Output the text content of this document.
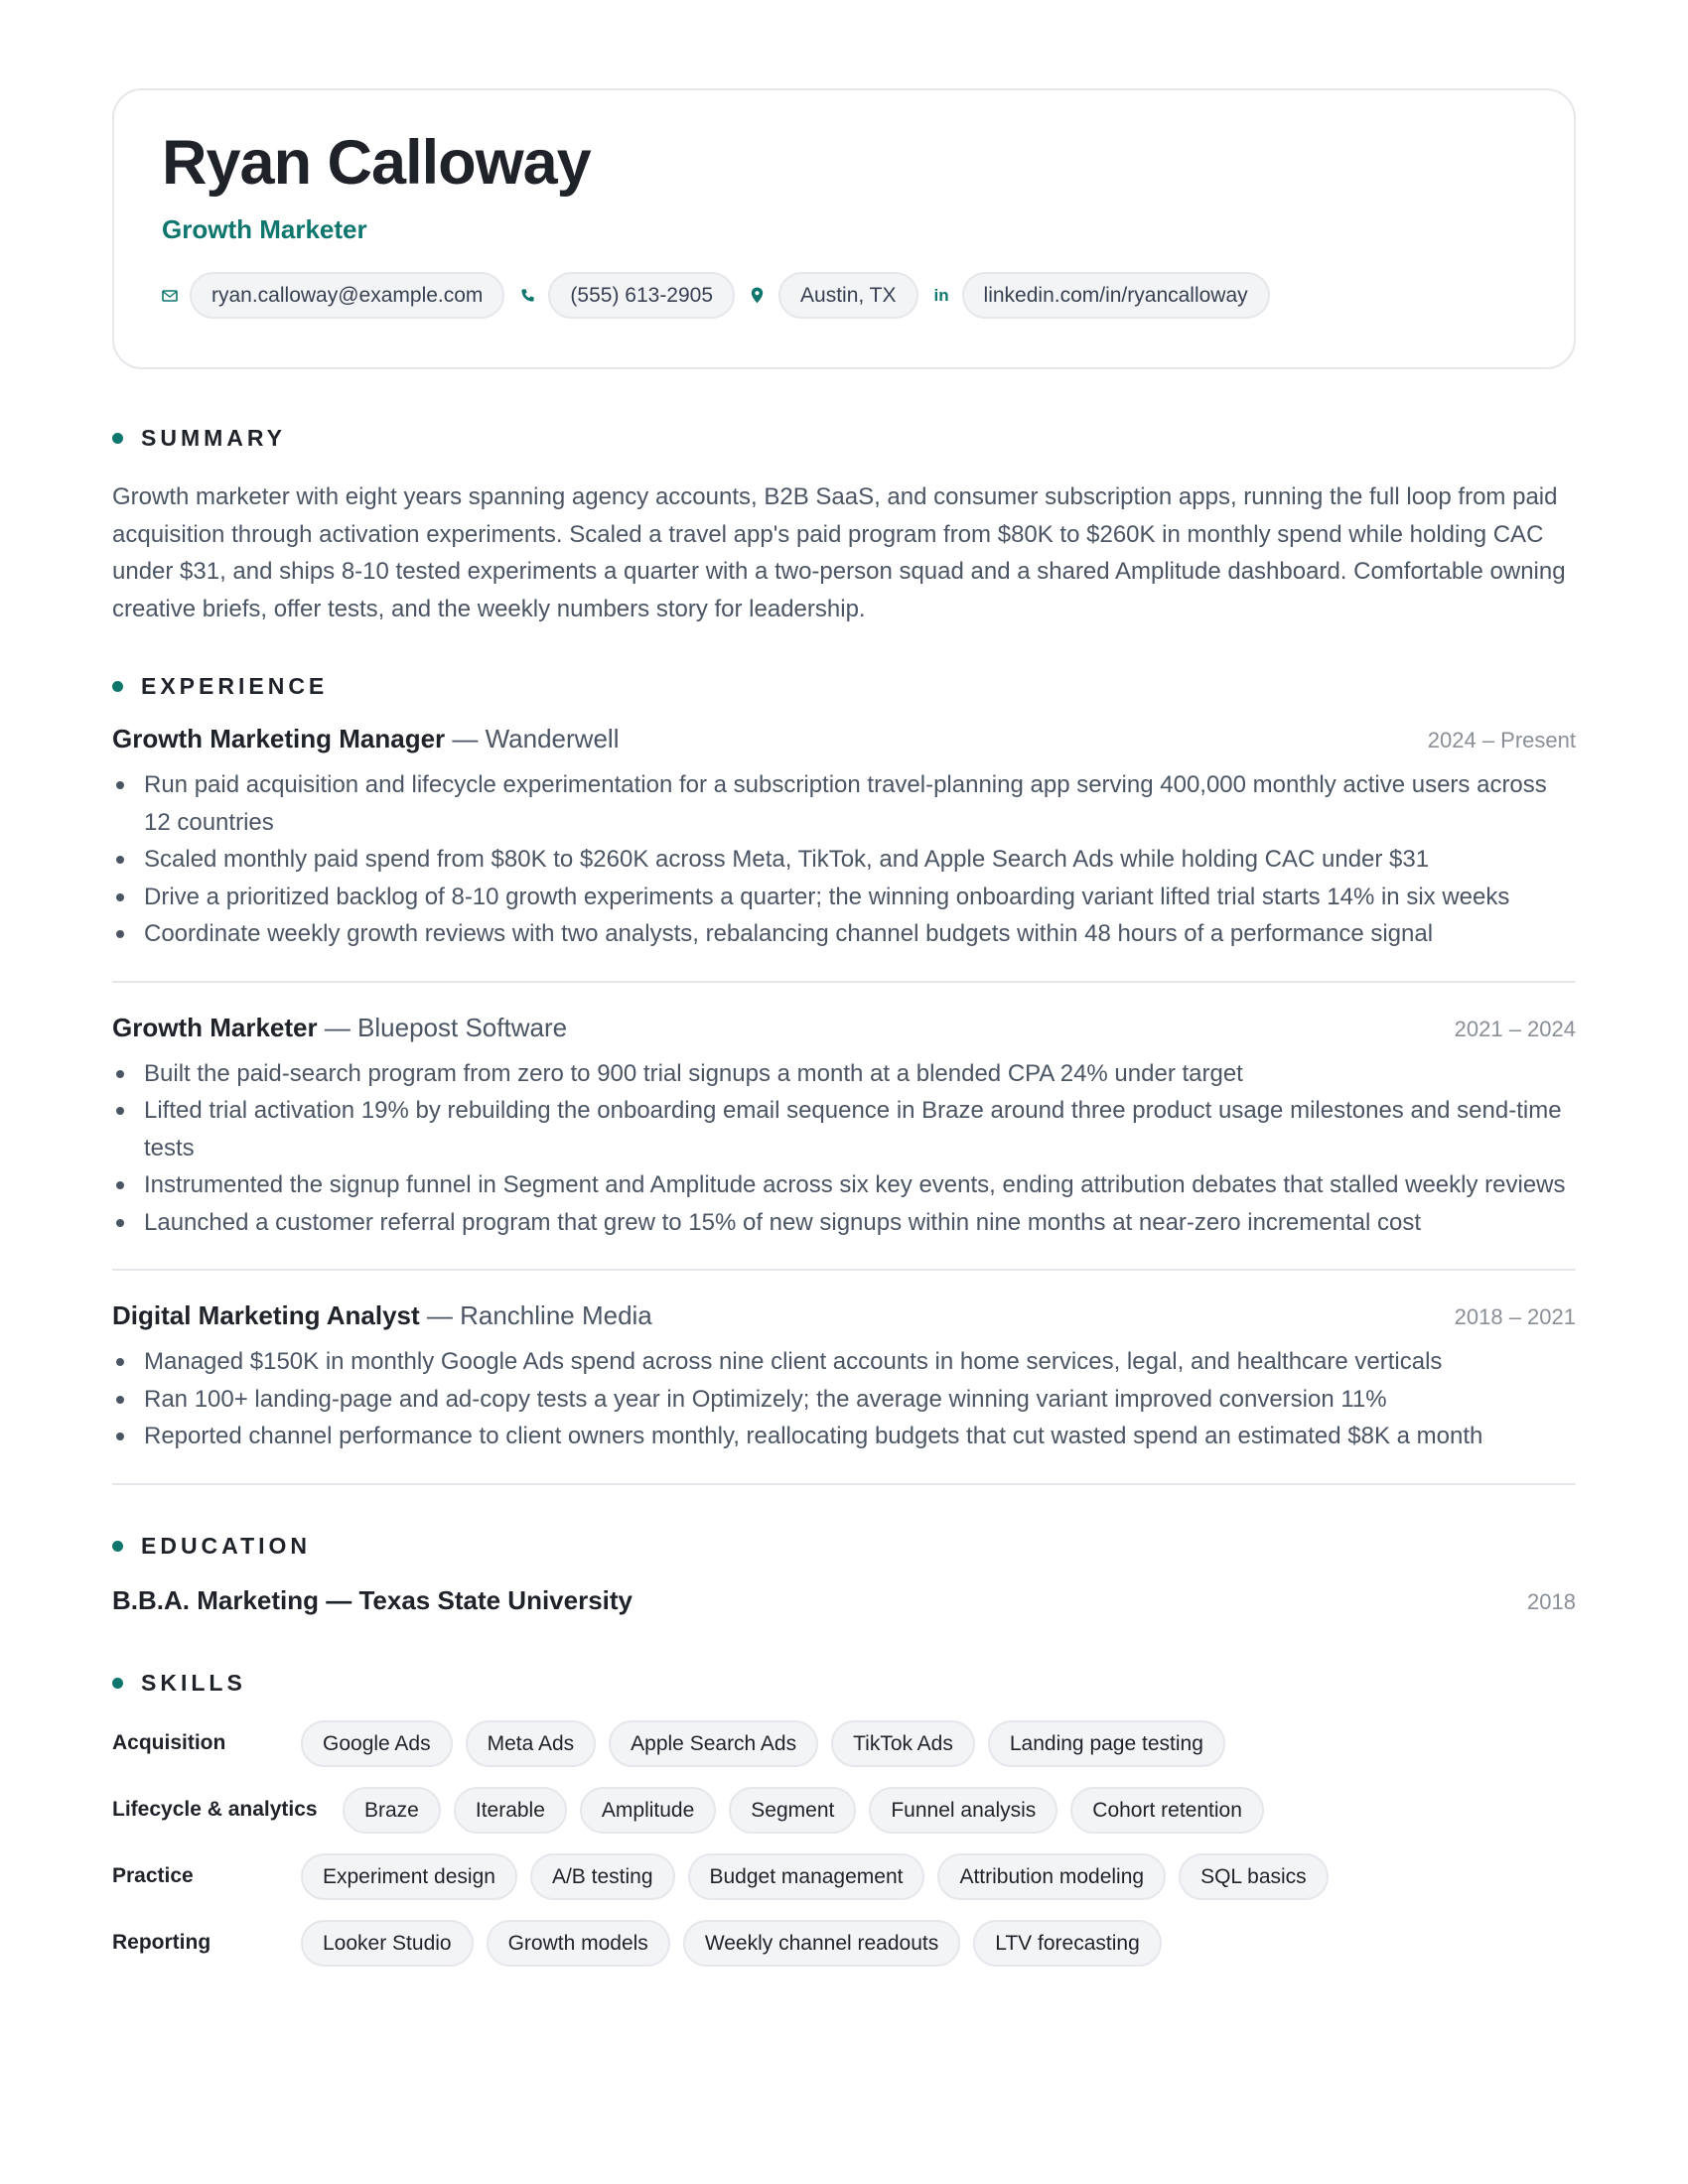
Ryan Calloway
Growth Marketer
ryan.calloway@example.com	(555) 613-2905	Austin, TX	in	linkedin.com/in/ryancalloway
SUMMARY

Growth marketer with eight years spanning agency accounts, B2B SaaS, and consumer subscription apps, running the full loop from paid acquisition through activation experiments. Scaled a travel app's paid program from $80K to $260K in monthly spend while holding CAC under $31, and ships 8-10 tested experiments a quarter with a two-person squad and a shared Amplitude dashboard. Comfortable owning creative briefs, offer tests, and the weekly numbers story for leadership.

EXPERIENCE
Growth Marketing Manager — Wanderwell	2024 – Present
Run paid acquisition and lifecycle experimentation for a subscription travel-planning app serving 400,000 monthly active users across 12 countries
Scaled monthly paid spend from $80K to $260K across Meta, TikTok, and Apple Search Ads while holding CAC under $31
Drive a prioritized backlog of 8-10 growth experiments a quarter; the winning onboarding variant lifted trial starts 14% in six weeks
Coordinate weekly growth reviews with two analysts, rebalancing channel budgets within 48 hours of a performance signal
Growth Marketer — Bluepost Software	2021 – 2024
Built the paid-search program from zero to 900 trial signups a month at a blended CPA 24% under target
Lifted trial activation 19% by rebuilding the onboarding email sequence in Braze around three product usage milestones and send-time tests
Instrumented the signup funnel in Segment and Amplitude across six key events, ending attribution debates that stalled weekly reviews
Launched a customer referral program that grew to 15% of new signups within nine months at near-zero incremental cost
Digital Marketing Analyst — Ranchline Media	2018 – 2021
Managed $150K in monthly Google Ads spend across nine client accounts in home services, legal, and healthcare verticals
Ran 100+ landing-page and ad-copy tests a year in Optimizely; the average winning variant improved conversion 11%
Reported channel performance to client owners monthly, reallocating budgets that cut wasted spend an estimated $8K a month
EDUCATION
B.B.A. Marketing — Texas State University	2018
SKILLS
Acquisition	Google Ads	Meta Ads	Apple Search Ads	TikTok Ads	Landing page testing
Lifecycle & analytics	Braze	Iterable	Amplitude	Segment	Funnel analysis	Cohort retention
Practice	Experiment design	A/B testing	Budget management	Attribution modeling	SQL basics
Reporting	Looker Studio	Growth models	Weekly channel readouts	LTV forecasting
